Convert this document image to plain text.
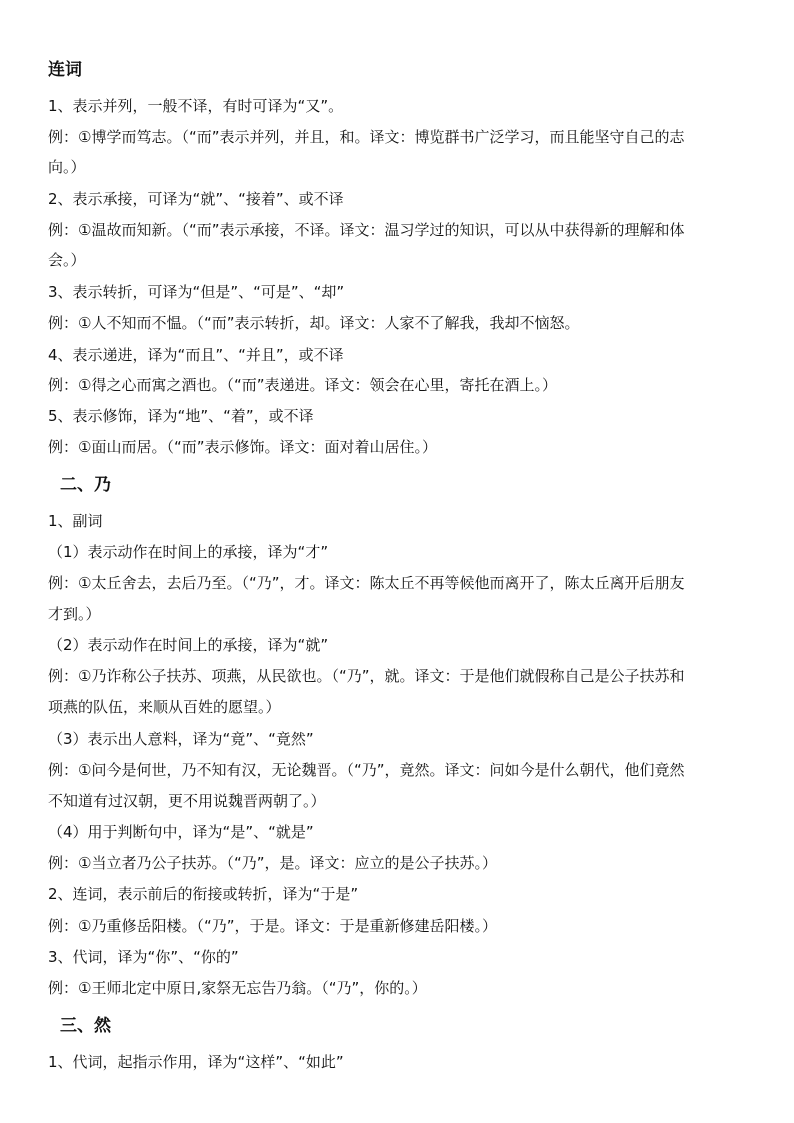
连词
1、表示并列，一般不译，有时可译为“又”。
例：①博学而笃志。（“而”表示并列，并且，和。译文：博览群书广泛学习，而且能坚守自己的志
向。）
2、表示承接，可译为“就”、“接着”、或不译
例：①温故而知新。（“而”表示承接，不译。译文：温习学过的知识，可以从中获得新的理解和体
会。）
3、表示转折，可译为“但是”、“可是”、“却”
例：①人不知而不愠。（“而”表示转折，却。译文：人家不了解我，我却不恼怒。
4、表示递进，译为“而且”、“并且”，或不译
例：①得之心而寓之酒也。（“而”表递进。译文：领会在心里，寄托在酒上。）
5、表示修饰，译为“地”、“着”，或不译
例：①面山而居。（“而”表示修饰。译文：面对着山居住。）
二、乃
1、副词
（1）表示动作在时间上的承接，译为“才”
例：①太丘舍去，去后乃至。（“乃”，才。译文：陈太丘不再等候他而离开了，陈太丘离开后朋友
才到。）
（2）表示动作在时间上的承接，译为“就”
例：①乃诈称公子扶苏、项燕，从民欲也。（“乃”，就。译文：于是他们就假称自己是公子扶苏和
项燕的队伍，来顺从百姓的愿望。）
（3）表示出人意料，译为“竟”、“竟然”
例：①问今是何世，乃不知有汉，无论魏晋。（“乃”，竟然。译文：问如今是什么朝代，他们竟然
不知道有过汉朝，更不用说魏晋两朝了。）
（4）用于判断句中，译为“是”、“就是”
例：①当立者乃公子扶苏。（“乃”，是。译文：应立的是公子扶苏。）
2、连词，表示前后的衔接或转折，译为“于是”
例：①乃重修岳阳楼。（“乃”，于是。译文：于是重新修建岳阳楼。）
3、代词，译为“你”、“你的”
例：①王师北定中原日,家祭无忘告乃翁。（“乃”，你的。）
三、然
1、代词，起指示作用，译为“这样”、“如此”
